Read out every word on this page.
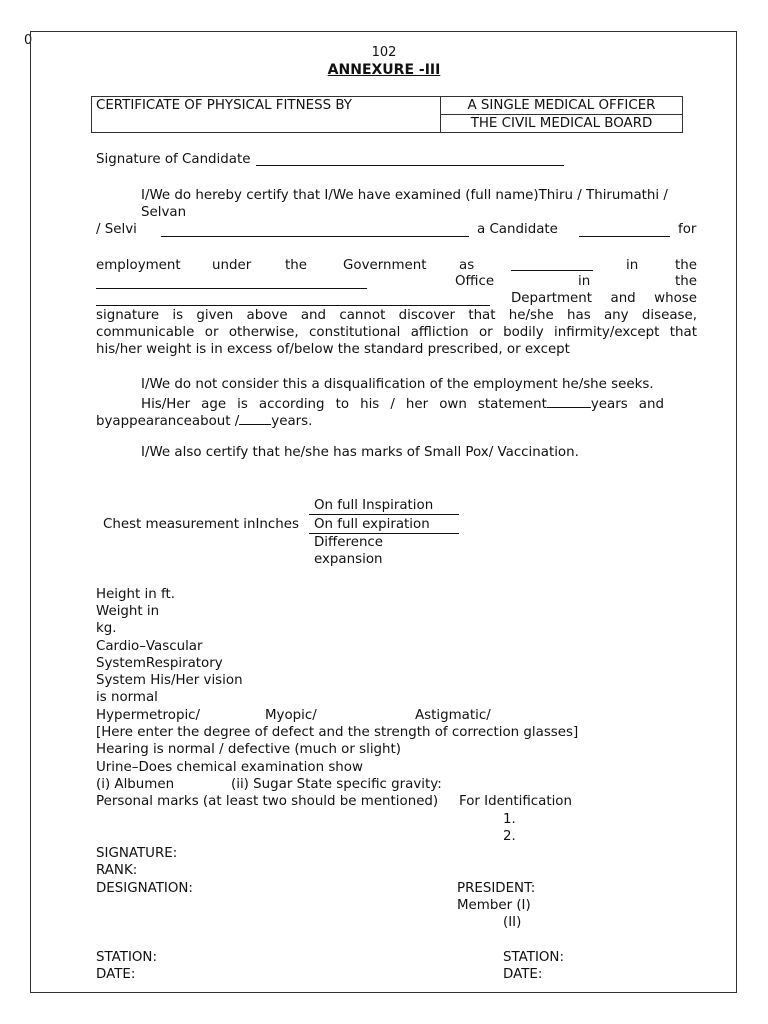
0
102
ANNEXURE -III
CERTIFICATE OF PHYSICAL FITNESS BY	A SINGLE MEDICAL OFFICER
THE CIVIL MEDICAL BOARD
Signature of Candidate
I/We do hereby certify that I/We have examined (full name)Thiru / Thirumathi /
Selvan
/ Selvi	a Candidate	for
employment under	the	Government as	in	the
Office	in	the
Department and whose
signature is given above and cannot discover that he/she has any disease,
communicable or otherwise, constitutional affliction or bodily infirmity/except that
his/her weight is in excess of/below the standard prescribed, or except
I/We do not consider this a disqualification of the employment he/she seeks.
His/Her age is according to his / her own statement	years and
byappearanceabout / years.
I/We also certify that he/she has marks of Small Pox/ Vaccination.
Chest measurement inInches
On full Inspiration
On full expiration
Difference
expansion
Height in ft.
Weight in
kg.
Cardio–Vascular
SystemRespiratory
System His/Her vision
is normal
Hypermetropic/	Myopic/	Astigmatic/
[Here enter the degree of defect and the strength of correction glasses]
Hearing is normal / defective (much or slight)
Urine–Does chemical examination show
(i) Albumen	(ii) Sugar State specific gravity:
Personal marks (at least two should be mentioned) For Identification
1.
2.
SIGNATURE:
RANK:
DESIGNATION:	PRESIDENT:
Member (I)
(II)
STATION:
DATE:
STATION:
DATE:
